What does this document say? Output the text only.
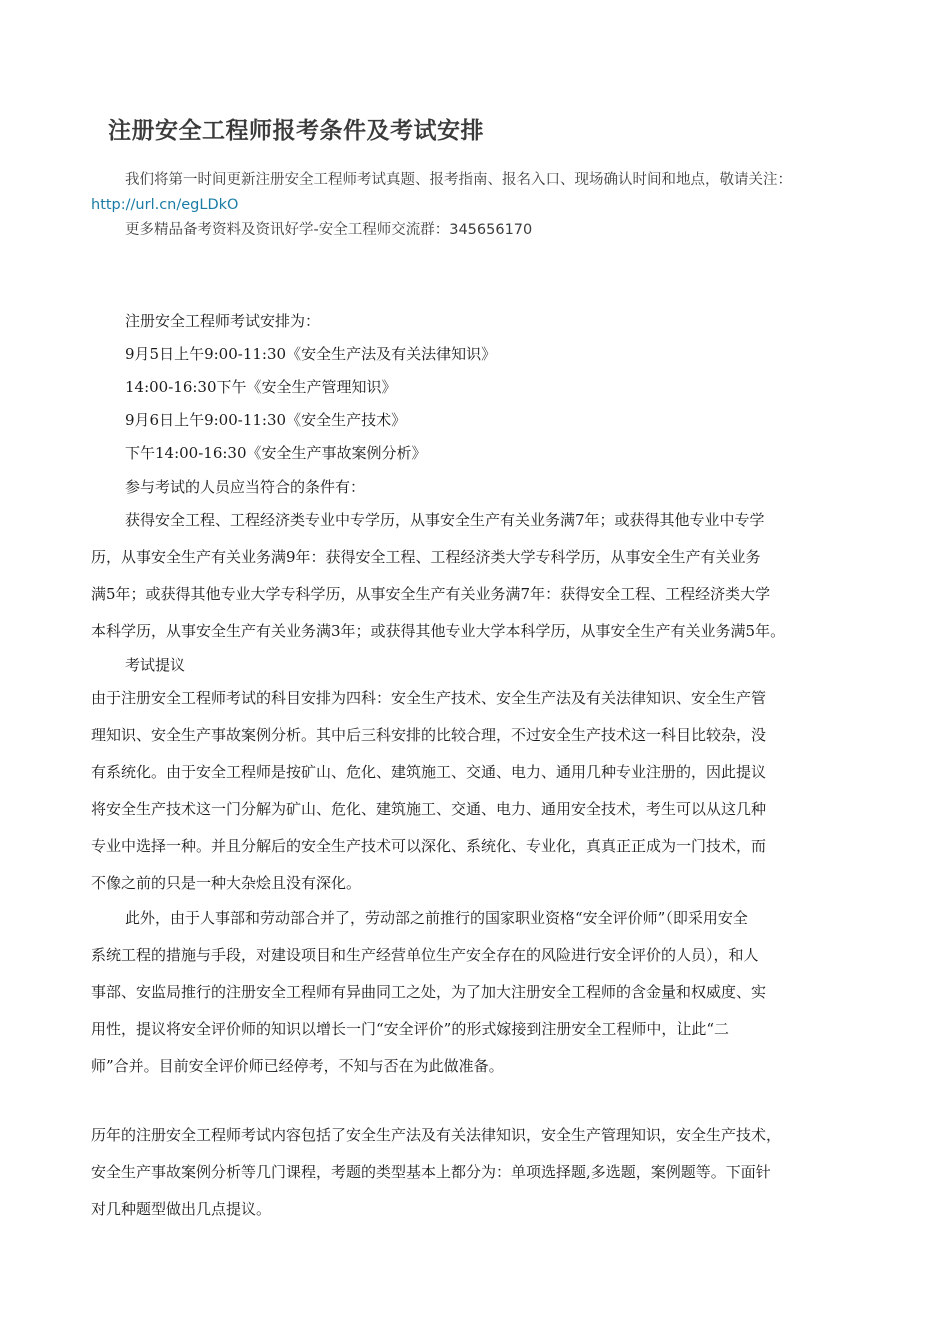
注册安全工程师报考条件及考试安排
我们将第一时间更新注册安全工程师考试真题、报考指南、报名入口、现场确认时间和地点，敬请关注：http://url.cn/egLDkO
更多精品备考资料及资讯好学-安全工程师交流群：345656170
注册安全工程师考试安排为：
9月5日上午9:00-11:30《安全生产法及有关法律知识》
14:00-16:30下午《安全生产管理知识》
9月6日上午9:00-11:30《安全生产技术》
下午14:00-16:30《安全生产事故案例分析》
参与考试的人员应当符合的条件有：
获得安全工程、工程经济类专业中专学历，从事安全生产有关业务满7年；或获得其他专业中专学
历，从事安全生产有关业务满9年：获得安全工程、工程经济类大学专科学历，从事安全生产有关业务
满5年；或获得其他专业大学专科学历，从事安全生产有关业务满7年：获得安全工程、工程经济类大学
本科学历，从事安全生产有关业务满3年；或获得其他专业大学本科学历，从事安全生产有关业务满5年。
考试提议
由于注册安全工程师考试的科目安排为四科：安全生产技术、安全生产法及有关法律知识、安全生产管
理知识、安全生产事故案例分析。其中后三科安排的比较合理，不过安全生产技术这一科目比较杂，没
有系统化。由于安全工程师是按矿山、危化、建筑施工、交通、电力、通用几种专业注册的，因此提议
将安全生产技术这一门分解为矿山、危化、建筑施工、交通、电力、通用安全技术，考生可以从这几种
专业中选择一种。并且分解后的安全生产技术可以深化、系统化、专业化，真真正正成为一门技术，而
不像之前的只是一种大杂烩且没有深化。
此外，由于人事部和劳动部合并了，劳动部之前推行的国家职业资格“安全评价师”（即采用安全
系统工程的措施与手段，对建设项目和生产经营单位生产安全存在的风险进行安全评价的人员），和人
事部、安监局推行的注册安全工程师有异曲同工之处，为了加大注册安全工程师的含金量和权威度、实
用性，提议将安全评价师的知识以增长一门“安全评价”的形式嫁接到注册安全工程师中，让此“二
师”合并。目前安全评价师已经停考，不知与否在为此做准备。
历年的注册安全工程师考试内容包括了安全生产法及有关法律知识，安全生产管理知识，安全生产技术，
安全生产事故案例分析等几门课程，考题的类型基本上都分为：单项选择题,多选题，案例题等。下面针
对几种题型做出几点提议。
